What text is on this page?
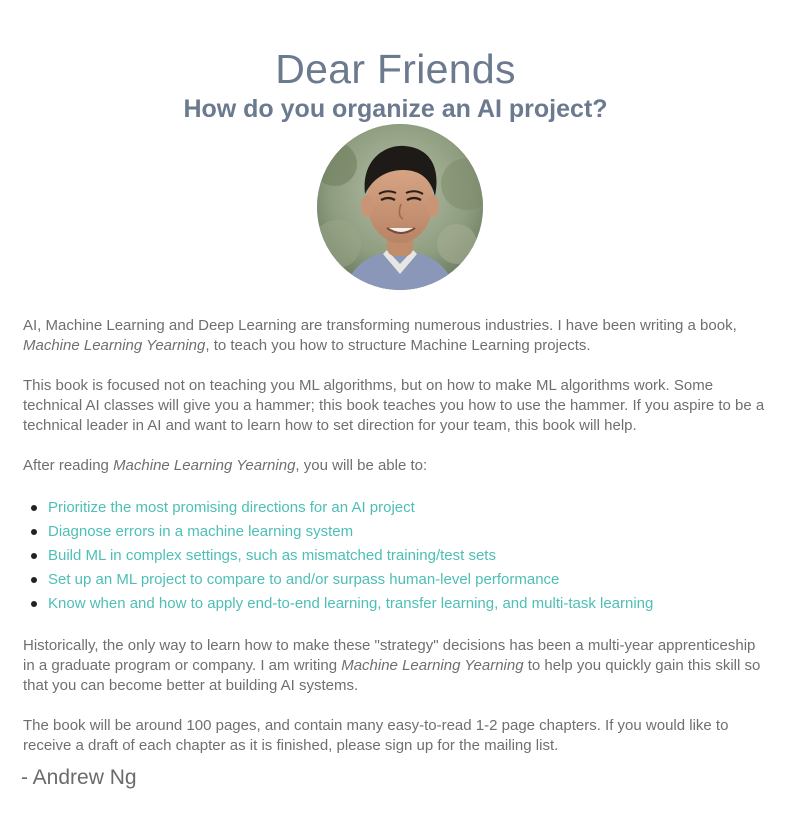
Dear Friends
How do you organize an AI project?

AI, Machine Learning and Deep Learning are transforming numerous industries. I have been writing a book,
Machine Learning Yearning, to teach you how to structure Machine Learning projects.

This book is focused not on teaching you ML algorithms, but on how to make ML algorithms work. Some technical AI classes will give you a hammer; this book teaches you how to use the hammer. If you aspire to be a technical leader in AI and want to learn how to set direction for your team, this book will help.

After reading Machine Learning Yearning, you will be able to:

Prioritize the most promising directions for an AI project
Diagnose errors in a machine learning system
Build ML in complex settings, such as mismatched training/test sets
Set up an ML project to compare to and/or surpass human-level performance
Know when and how to apply end-to-end learning, transfer learning, and multi-task learning

Historically, the only way to learn how to make these "strategy" decisions has been a multi-year apprenticeship in a graduate program or company. I am writing Machine Learning Yearning to help you quickly gain this skill so that you can become better at building AI systems.

The book will be around 100 pages, and contain many easy-to-read 1-2 page chapters. If you would like to receive a draft of each chapter as it is finished, please sign up for the mailing list.

- Andrew Ng
